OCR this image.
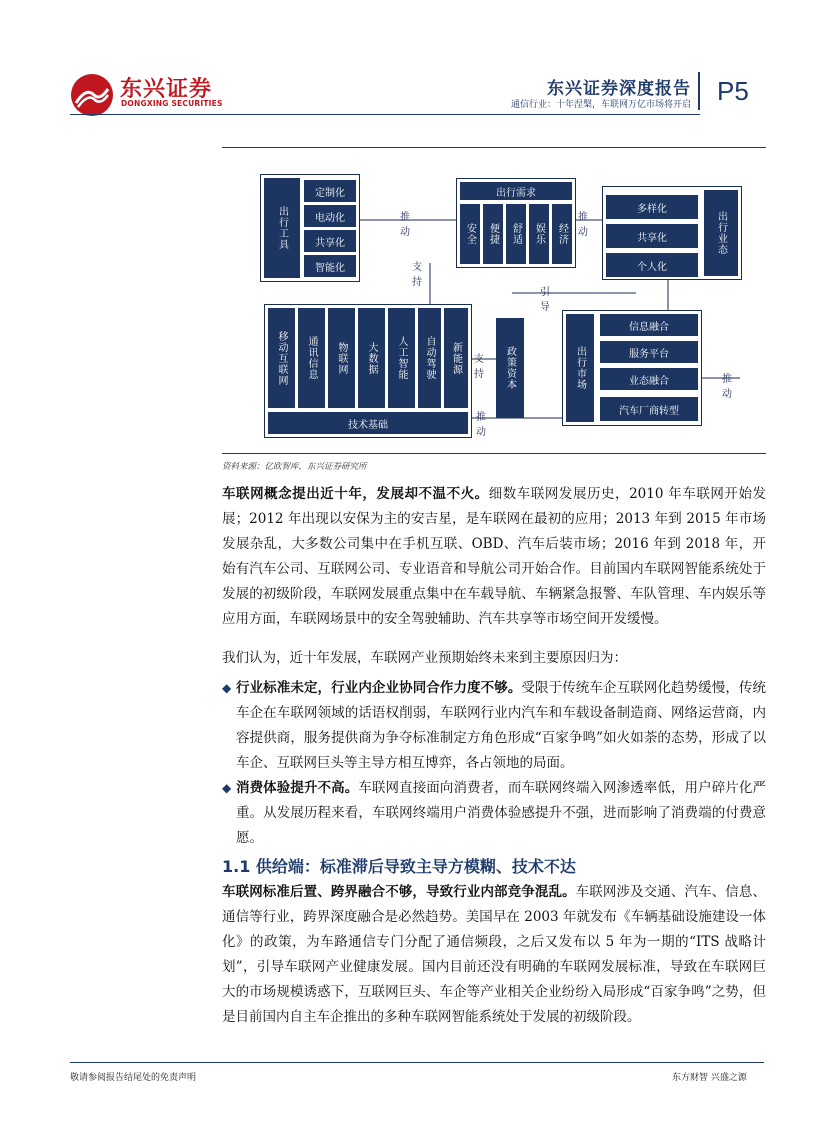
东兴证券
DONGXING SECURITIES
东兴证券深度报告
通信行业：十年涅槃，车联网万亿市场将开启 P5
出行工具
定制化
电动化
共享化
智能化
出行需求
安全	便捷	舒适	娱乐	经济
多样化
共享化
个人化
出行业态
移动互联网	通讯信息	物联网	大数据	人工智能	自动驾驶	新能源
技术基础
政策资本	出行市场
信息融合
服务平台
业态融合
汽车厂商转型
推动
推动
支持
引导
支持
推动
推动
资料来源：亿欧智库，东兴证券研究所
车联网概念提出近十年，发展却不温不火。细数车联网发展历史，2010 年车联网开始发展；2012 年出现以安保为主的安吉星，是车联网在最初的应用；2013 年到 2015 年市场发展杂乱，大多数公司集中在手机互联、OBD、汽车后装市场；2016 年到 2018 年，开始有汽车公司、互联网公司、专业语音和导航公司开始合作。目前国内车联网智能系统处于发展的初级阶段，车联网发展重点集中在车载导航、车辆紧急报警、车队管理、车内娱乐等应用方面，车联网场景中的安全驾驶辅助、汽车共享等市场空间开发缓慢。
我们认为，近十年发展，车联网产业预期始终未来到主要原因归为：
◆ 行业标准未定，行业内企业协同合作力度不够。受限于传统车企互联网化趋势缓慢，传统车企在车联网领域的话语权削弱，车联网行业内汽车和车载设备制造商、网络运营商，内容提供商，服务提供商为争夺标准制定方角色形成“百家争鸣”如火如荼的态势，形成了以车企、互联网巨头等主导方相互博弈，各占领地的局面。
◆ 消费体验提升不高。车联网直接面向消费者，而车联网终端入网渗透率低，用户碎片化严重。从发展历程来看，车联网终端用户消费体验感提升不强，进而影响了消费端的付费意愿。
1.1 供给端：标准滞后导致主导方模糊、技术不达
车联网标准后置、跨界融合不够，导致行业内部竞争混乱。车联网涉及交通、汽车、信息、通信等行业，跨界深度融合是必然趋势。美国早在 2003 年就发布《车辆基础设施建设一体化》的政策，为车路通信专门分配了通信频段，之后又发布以 5 年为一期的“ITS 战略计划”，引导车联网产业健康发展。国内目前还没有明确的车联网发展标准，导致在车联网巨大的市场规模诱惑下，互联网巨头、车企等产业相关企业纷纷入局形成“百家争鸣”之势，但是目前国内自主车企推出的多种车联网智能系统处于发展的初级阶段。
敬请参阅报告结尾处的免责声明	东方财智 兴盛之源
